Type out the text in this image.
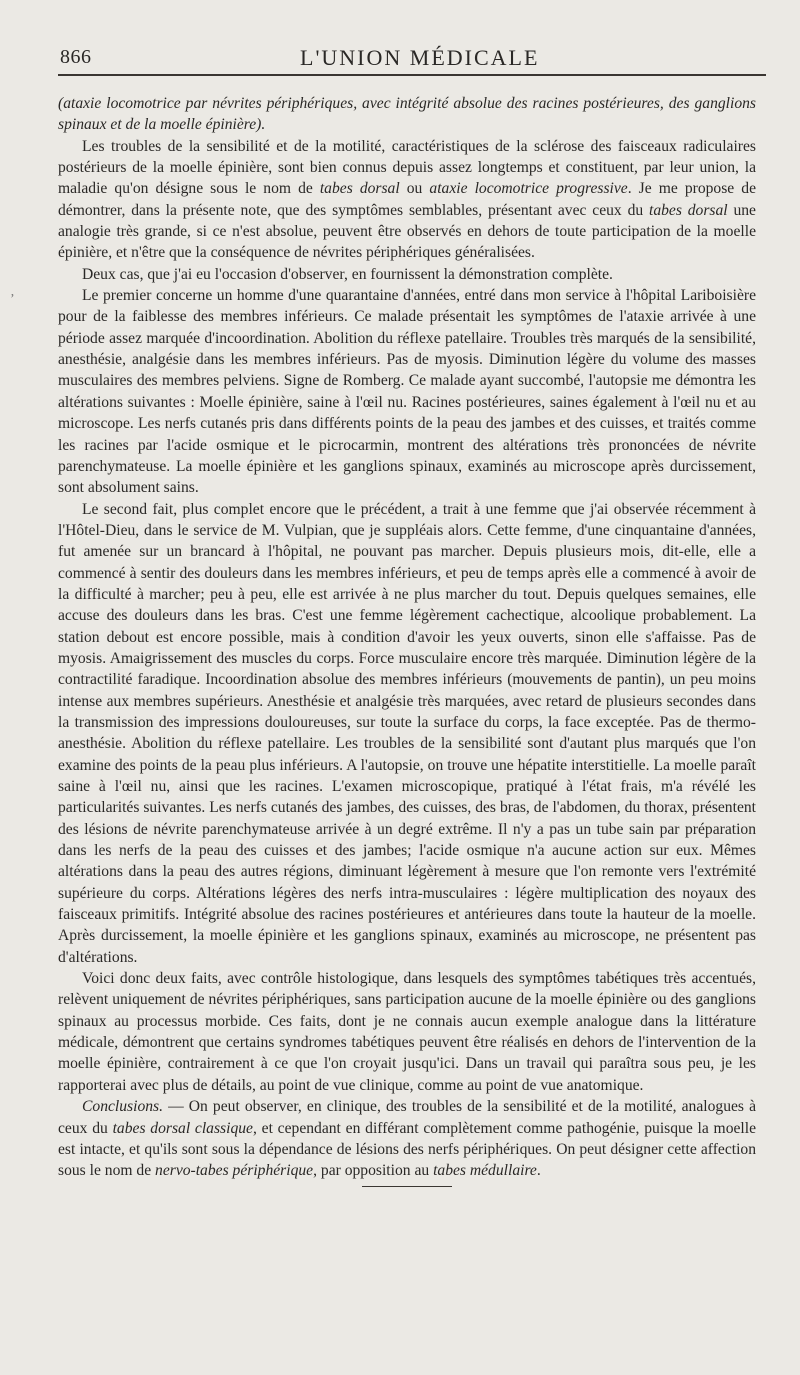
866	L'UNION MÉDICALE
’

(ataxie locomotrice par névrites périphériques, avec intégrité absolue des racines postérieures, des ganglions spinaux et de la moelle épinière).

Les troubles de la sensibilité et de la motilité, caractéristiques de la sclérose des faisceaux radiculaires postérieurs de la moelle épinière, sont bien connus depuis assez longtemps et constituent, par leur union, la maladie qu'on désigne sous le nom de tabes dorsal ou ataxie locomotrice progressive. Je me propose de démontrer, dans la présente note, que des symptômes semblables, présentant avec ceux du tabes dorsal une analogie très grande, si ce n'est absolue, peuvent être observés en dehors de toute participation de la moelle épinière, et n'être que la conséquence de névrites périphériques généralisées.

Deux cas, que j'ai eu l'occasion d'observer, en fournissent la démonstration complète.

Le premier concerne un homme d'une quarantaine d'années, entré dans mon service à l'hôpital Lariboisière pour de la faiblesse des membres inférieurs. Ce malade présentait les symptômes de l'ataxie arrivée à une période assez marquée d'incoordination. Abolition du réflexe patellaire. Troubles très marqués de la sensibilité, anesthésie, analgésie dans les membres inférieurs. Pas de myosis. Diminution légère du volume des masses musculaires des membres pelviens. Signe de Romberg. Ce malade ayant succombé, l'autopsie me démontra les altérations suivantes : Moelle épinière, saine à l'œil nu. Racines postérieures, saines également à l'œil nu et au microscope. Les nerfs cutanés pris dans différents points de la peau des jambes et des cuisses, et traités comme les racines par l'acide osmique et le picrocarmin, montrent des altérations très prononcées de névrite parenchymateuse. La moelle épinière et les ganglions spinaux, examinés au microscope après durcissement, sont absolument sains.

Le second fait, plus complet encore que le précédent, a trait à une femme que j'ai observée récemment à l'Hôtel-Dieu, dans le service de M. Vulpian, que je suppléais alors. Cette femme, d'une cinquantaine d'années, fut amenée sur un brancard à l'hôpital, ne pouvant pas marcher. Depuis plusieurs mois, dit-elle, elle a commencé à sentir des douleurs dans les membres inférieurs, et peu de temps après elle a commencé à avoir de la difficulté à marcher; peu à peu, elle est arrivée à ne plus marcher du tout. Depuis quelques semaines, elle accuse des douleurs dans les bras. C'est une femme légèrement cachectique, alcoolique probablement. La station debout est encore possible, mais à condition d'avoir les yeux ouverts, sinon elle s'affaisse. Pas de myosis. Amaigrissement des muscles du corps. Force musculaire encore très marquée. Diminution légère de la contractilité faradique. Incoordination absolue des membres inférieurs (mouvements de pantin), un peu moins intense aux membres supérieurs. Anesthésie et analgésie très marquées, avec retard de plusieurs secondes dans la transmission des impressions douloureuses, sur toute la surface du corps, la face exceptée. Pas de thermo-anesthésie. Abolition du réflexe patellaire. Les troubles de la sensibilité sont d'autant plus marqués que l'on examine des points de la peau plus inférieurs. A l'autopsie, on trouve une hépatite interstitielle. La moelle paraît saine à l'œil nu, ainsi que les racines. L'examen microscopique, pratiqué à l'état frais, m'a révélé les particularités suivantes. Les nerfs cutanés des jambes, des cuisses, des bras, de l'abdomen, du thorax, présentent des lésions de névrite parenchymateuse arrivée à un degré extrême. Il n'y a pas un tube sain par préparation dans les nerfs de la peau des cuisses et des jambes; l'acide osmique n'a aucune action sur eux. Mêmes altérations dans la peau des autres régions, diminuant légèrement à mesure que l'on remonte vers l'extrémité supérieure du corps. Altérations légères des nerfs intra-musculaires : légère multiplication des noyaux des faisceaux primitifs. Intégrité absolue des racines postérieures et antérieures dans toute la hauteur de la moelle. Après durcissement, la moelle épinière et les ganglions spinaux, examinés au microscope, ne présentent pas d'altérations.

Voici donc deux faits, avec contrôle histologique, dans lesquels des symptômes tabétiques très accentués, relèvent uniquement de névrites périphériques, sans participation aucune de la moelle épinière ou des ganglions spinaux au processus morbide. Ces faits, dont je ne connais aucun exemple analogue dans la littérature médicale, démontrent que certains syndromes tabétiques peuvent être réalisés en dehors de l'intervention de la moelle épinière, contrairement à ce que l'on croyait jusqu'ici. Dans un travail qui paraîtra sous peu, je les rapporterai avec plus de détails, au point de vue clinique, comme au point de vue anatomique.

Conclusions. — On peut observer, en clinique, des troubles de la sensibilité et de la motilité, analogues à ceux du tabes dorsal classique, et cependant en différant complètement comme pathogénie, puisque la moelle est intacte, et qu'ils sont sous la dépendance de lésions des nerfs périphériques. On peut désigner cette affection sous le nom de nervo-tabes périphérique, par opposition au tabes médullaire.
